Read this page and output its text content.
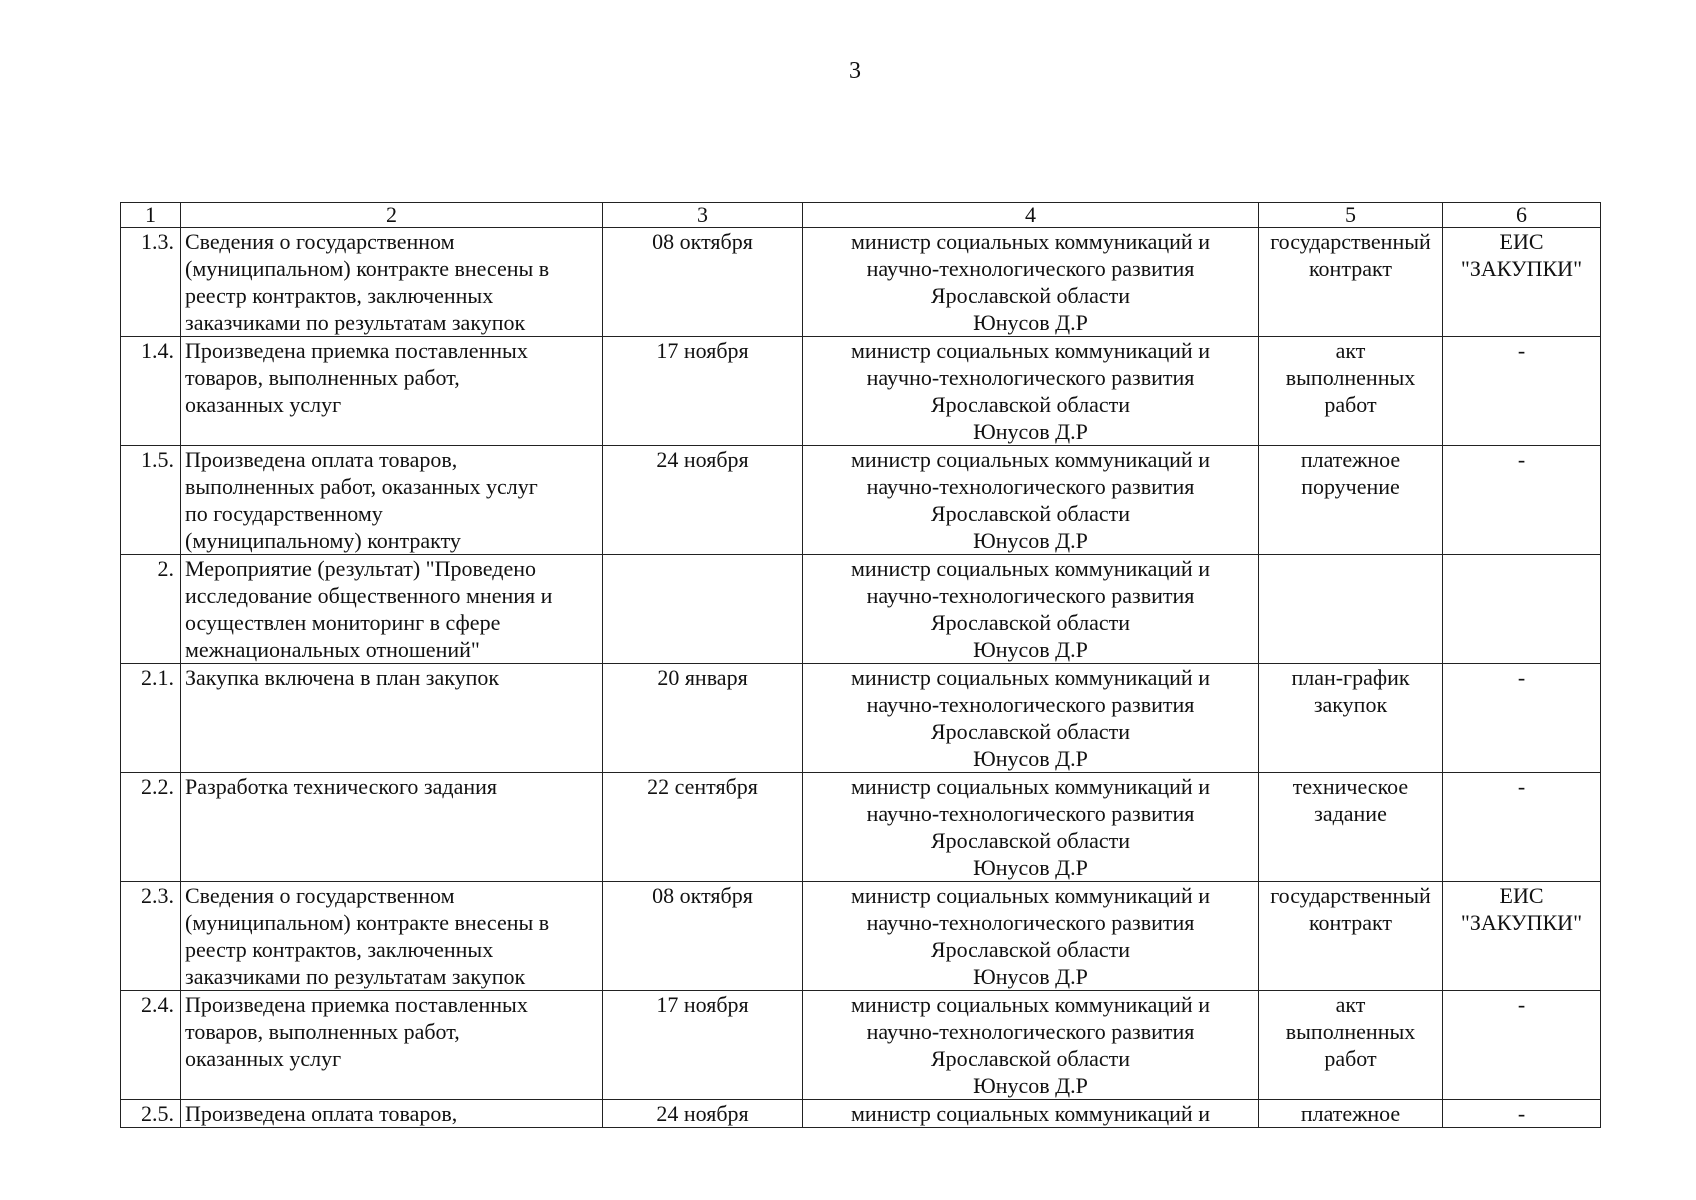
3
1	2	3	4	5	6

1.3.	Сведения о государственном
(муниципальном) контракте внесены в
реестр контрактов, заключенных
заказчиками по результатам закупок	08 октября	министр социальных коммуникаций и
научно-технологического развития
Ярославской области
Юнусов Д.Р	государственный
контракт	ЕИС
"ЗАКУПКИ"

1.4.	Произведена приемка поставленных
товаров, выполненных работ,
оказанных услуг	17 ноября	министр социальных коммуникаций и
научно-технологического развития
Ярославской области
Юнусов Д.Р	акт
выполненных
работ	-

1.5.	Произведена оплата товаров,
выполненных работ, оказанных услуг
по государственному
(муниципальному) контракту	24 ноября	министр социальных коммуникаций и
научно-технологического развития
Ярославской области
Юнусов Д.Р	платежное
поручение	-

2.	Мероприятие (результат) "Проведено
исследование общественного мнения и
осуществлен мониторинг в сфере
межнациональных отношений"		министр социальных коммуникаций и
научно-технологического развития
Ярославской области
Юнусов Д.Р		

2.1.	Закупка включена в план закупок	20 января	министр социальных коммуникаций и
научно-технологического развития
Ярославской области
Юнусов Д.Р	план-график
закупок	-

2.2.	Разработка технического задания	22 сентября	министр социальных коммуникаций и
научно-технологического развития
Ярославской области
Юнусов Д.Р	техническое
задание	-

2.3.	Сведения о государственном
(муниципальном) контракте внесены в
реестр контрактов, заключенных
заказчиками по результатам закупок	08 октября	министр социальных коммуникаций и
научно-технологического развития
Ярославской области
Юнусов Д.Р	государственный
контракт	ЕИС
"ЗАКУПКИ"

2.4.	Произведена приемка поставленных
товаров, выполненных работ,
оказанных услуг	17 ноября	министр социальных коммуникаций и
научно-технологического развития
Ярославской области
Юнусов Д.Р	акт
выполненных
работ	-

2.5.	Произведена оплата товаров,	24 ноября	министр социальных коммуникаций и	платежное	-
